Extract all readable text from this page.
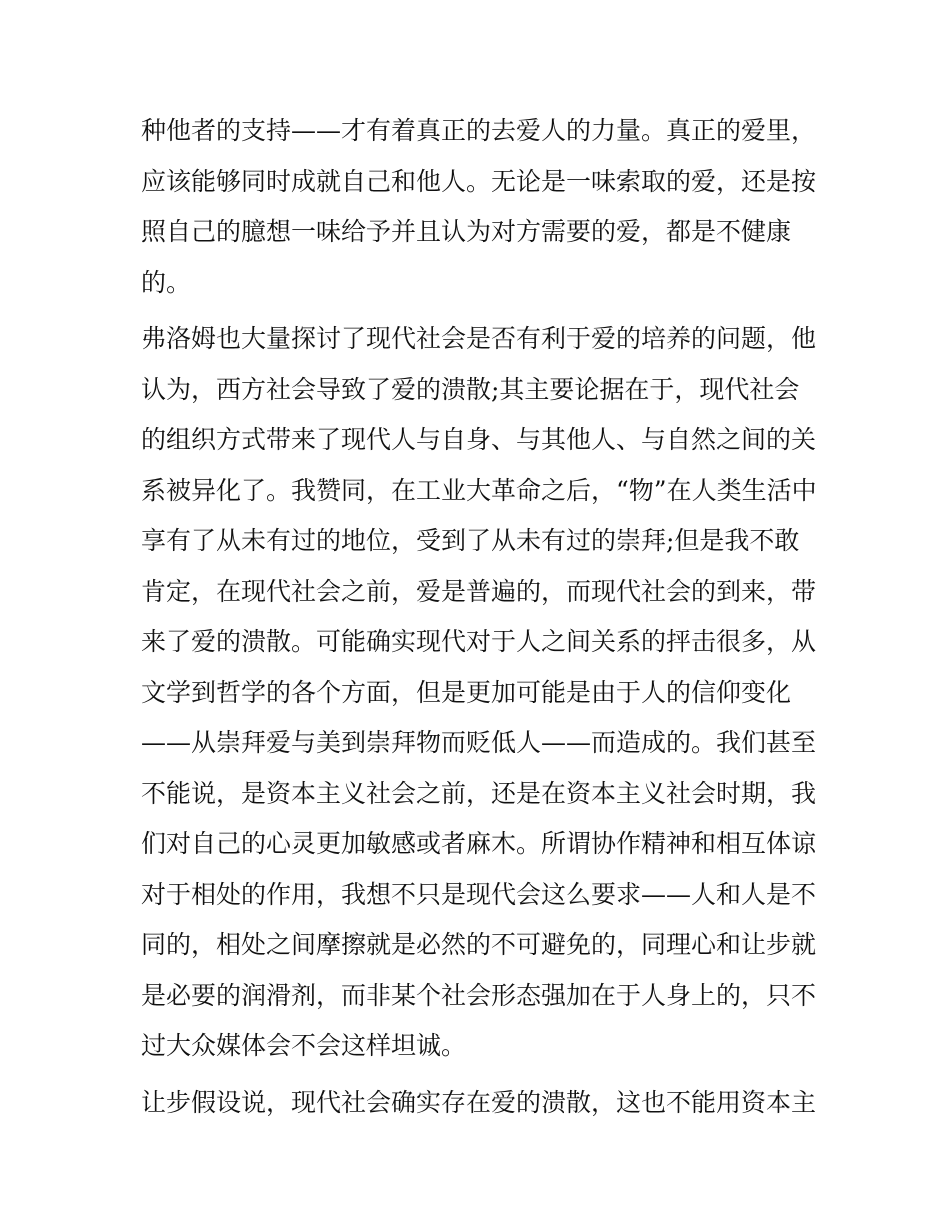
种他者的支持——才有着真正的去爱人的力量。真正的爱里，
应该能够同时成就自己和他人。无论是一味索取的爱，还是按
照自己的臆想一味给予并且认为对方需要的爱，都是不健康
的。
弗洛姆也大量探讨了现代社会是否有利于爱的培养的问题，他
认为，西方社会导致了爱的溃散;其主要论据在于，现代社会
的组织方式带来了现代人与自身、与其他人、与自然之间的关
系被异化了。我赞同，在工业大革命之后，“物”在人类生活中
享有了从未有过的地位，受到了从未有过的崇拜;但是我不敢
肯定，在现代社会之前，爱是普遍的，而现代社会的到来，带
来了爱的溃散。可能确实现代对于人之间关系的抨击很多，从
文学到哲学的各个方面，但是更加可能是由于人的信仰变化
——从崇拜爱与美到崇拜物而贬低人——而造成的。我们甚至
不能说，是资本主义社会之前，还是在资本主义社会时期，我
们对自己的心灵更加敏感或者麻木。所谓协作精神和相互体谅
对于相处的作用，我想不只是现代会这么要求——人和人是不
同的，相处之间摩擦就是必然的不可避免的，同理心和让步就
是必要的润滑剂，而非某个社会形态强加在于人身上的，只不
过大众媒体会不会这样坦诚。
让步假设说，现代社会确实存在爱的溃散，这也不能用资本主
